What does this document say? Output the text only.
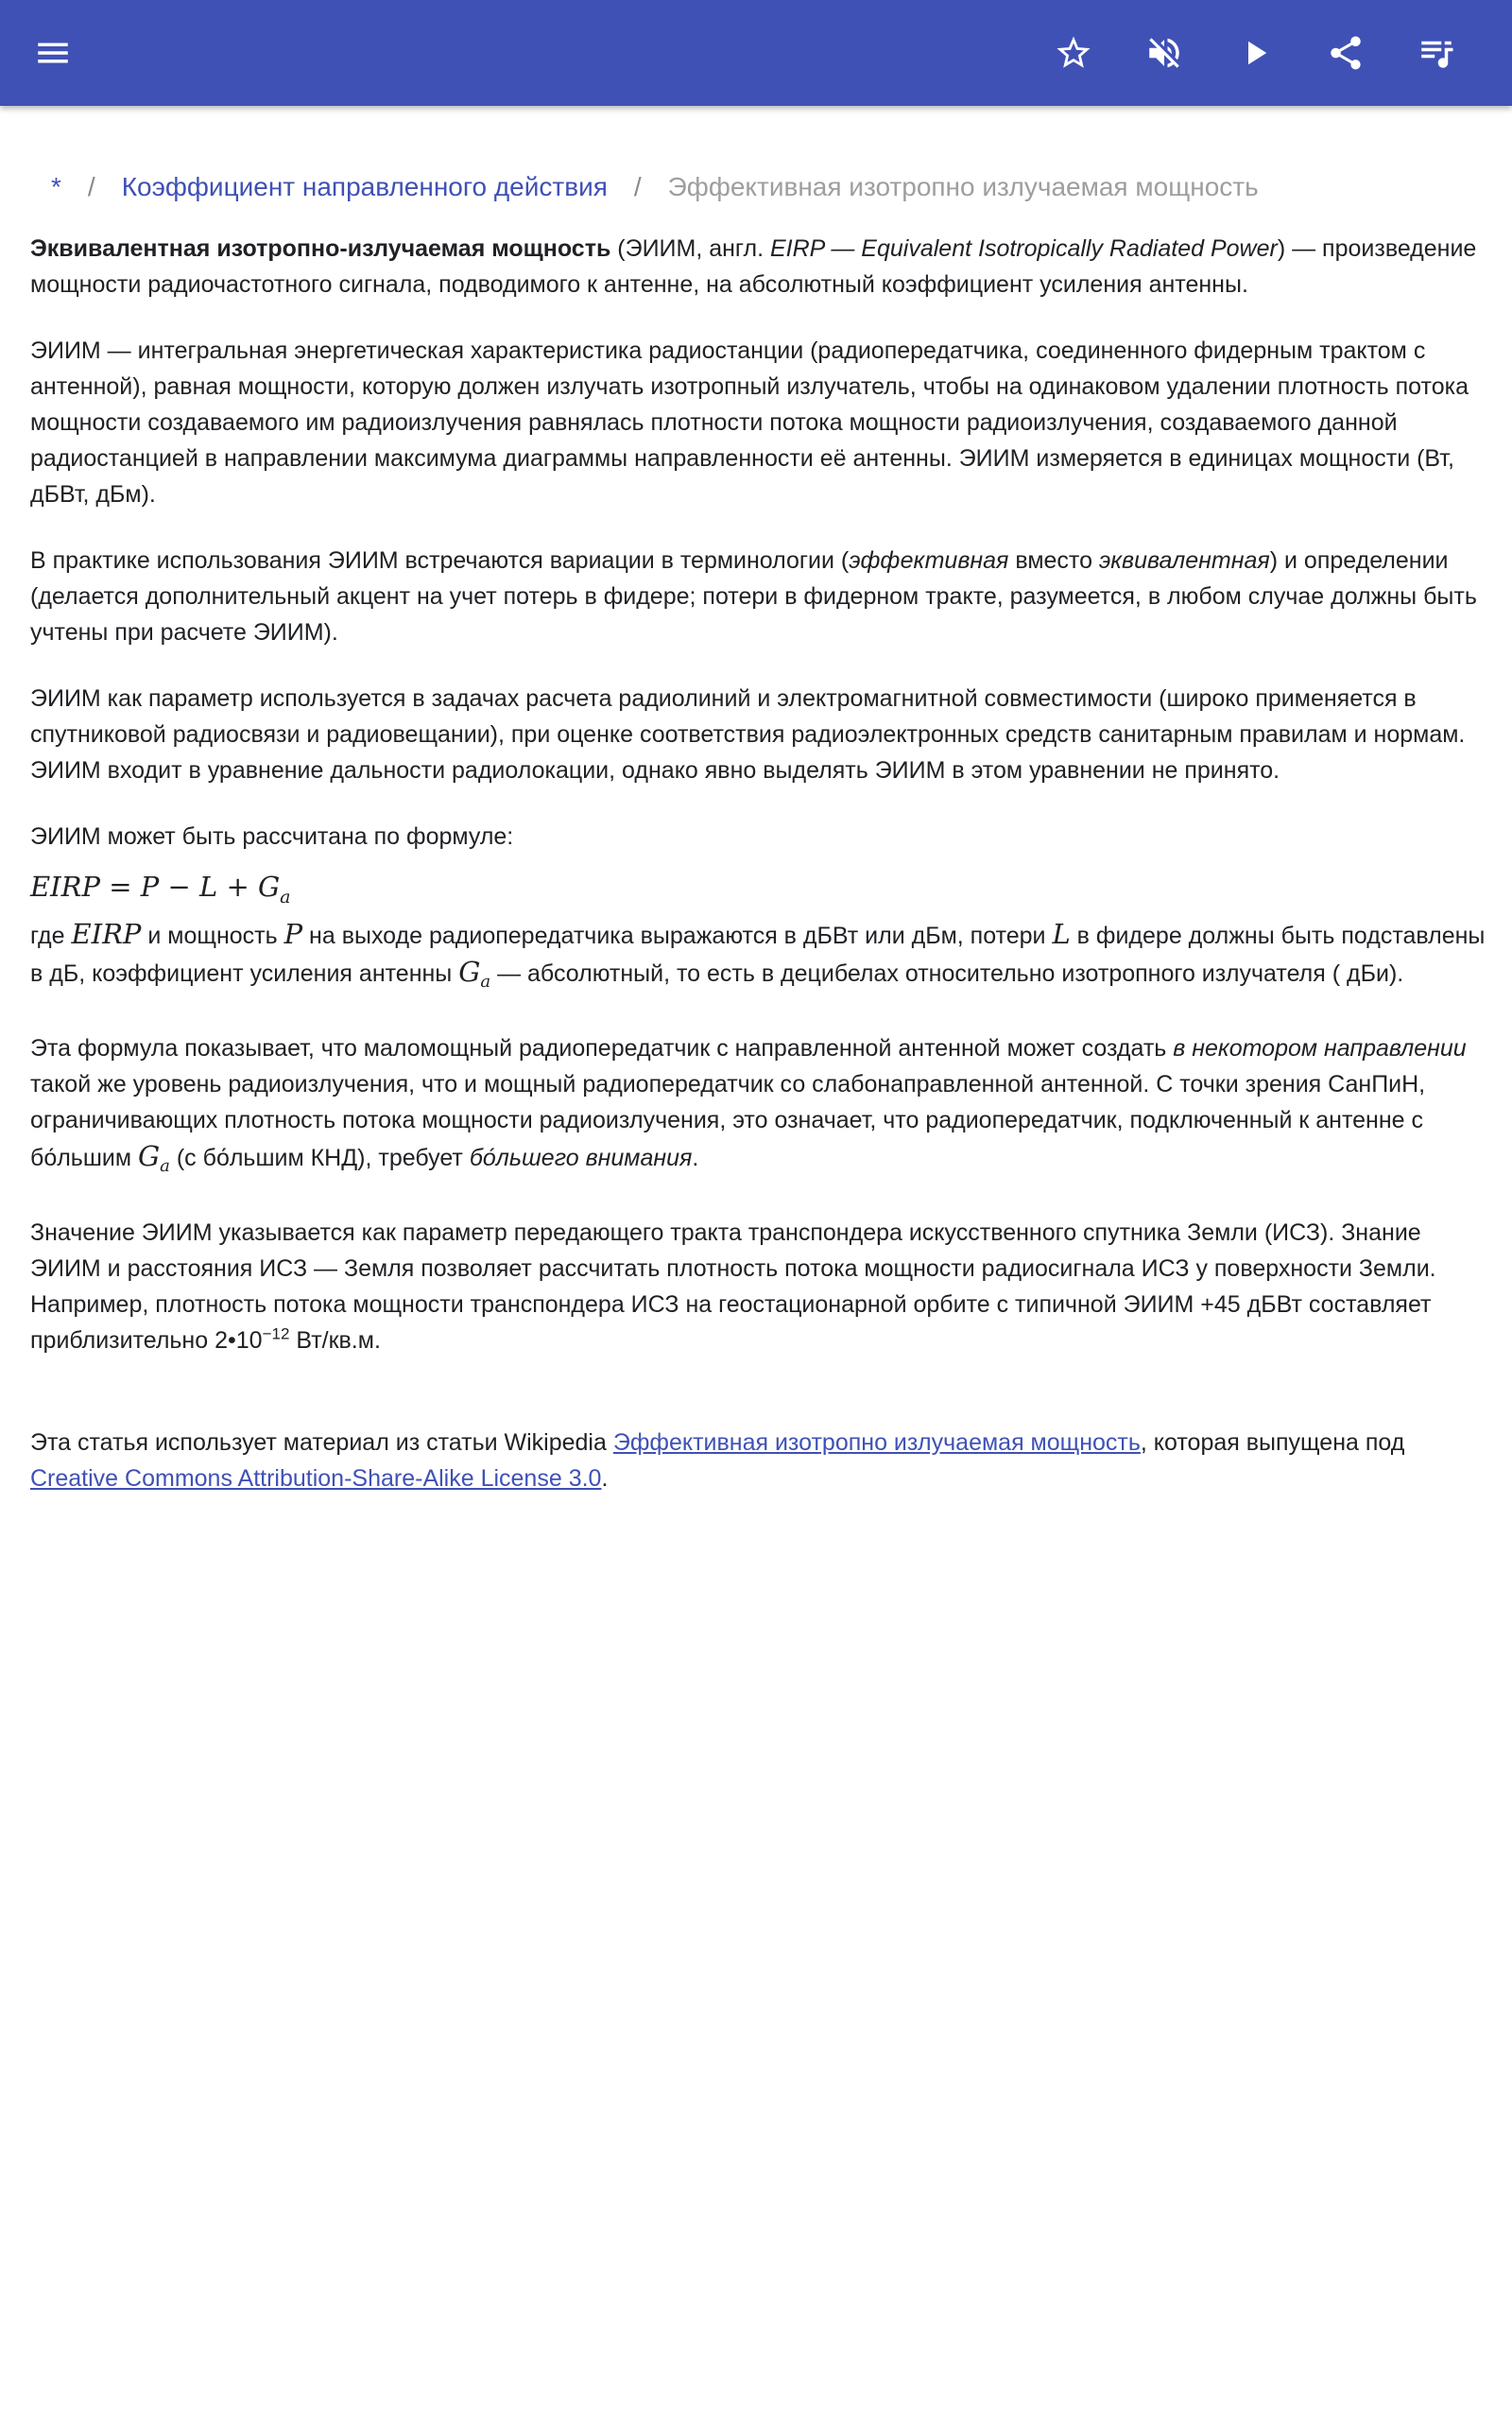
* / Коэффициент направленного действия / Эффективная изотропно излучаемая мощность

Эквивалентная изотропно-излучаемая мощность (ЭИИМ, англ. EIRP — Equivalent Isotropically Radiated Power) — произведение мощности радиочастотного сигнала, подводимого к антенне, на абсолютный коэффициент усиления антенны.

ЭИИМ — интегральная энергетическая характеристика радиостанции (радиопередатчика, соединенного фидерным трактом с антенной), равная мощности, которую должен излучать изотропный излучатель, чтобы на одинаковом удалении плотность потока мощности создаваемого им радиоизлучения равнялась плотности потока мощности радиоизлучения, создаваемого данной радиостанцией в направлении максимума диаграммы направленности её антенны. ЭИИМ измеряется в единицах мощности (Вт, дБВт, дБм).

В практике использования ЭИИМ встречаются вариации в терминологии (эффективная вместо эквивалентная) и определении (делается дополнительный акцент на учет потерь в фидере; потери в фидерном тракте, разумеется, в любом случае должны быть учтены при расчете ЭИИМ).

ЭИИМ как параметр используется в задачах расчета радиолиний и электромагнитной совместимости (широко применяется в спутниковой радиосвязи и радиовещании), при оценке соответствия радиоэлектронных средств санитарным правилам и нормам. ЭИИМ входит в уравнение дальности радиолокации, однако явно выделять ЭИИМ в этом уравнении не принято.

ЭИИМ может быть рассчитана по формуле:

EIRP = $P - L + G_a$

где EIRP и мощность P на выходе радиопередатчика выражаются в дБВт или дБм, потери L в фидере должны быть подставлены в дБ, коэффициент усиления антенны $G_a$ — абсолютный, то есть в децибелах относительно изотропного излучателя ( дБи).

Эта формула показывает, что маломощный радиопередатчик с направленной антенной может создать в некотором направлении такой же уровень радиоизлучения, что и мощный радиопередатчик со слабонаправленной антенной. С точки зрения СанПиН, ограничивающих плотность потока мощности радиоизлучения, это означает, что радиопередатчик, подключенный к антенне с бо́льшим $G_a$ (с бо́льшим КНД), требует бо́льшего внимания.

Значение ЭИИМ указывается как параметр передающего тракта транспондера искусственного спутника Земли (ИСЗ). Знание ЭИИМ и расстояния ИСЗ — Земля позволяет рассчитать плотность потока мощности радиосигнала ИСЗ у поверхности Земли. Например, плотность потока мощности транспондера ИСЗ на геостационарной орбите с типичной ЭИИМ +45 дБВт составляет приблизительно $2•10^{-12}$ Вт/кв.м.

Эта статья использует материал из статьи Wikipedia Эффективная изотропно излучаемая мощность, которая выпущена под Creative Commons Attribution-Share-Alike License 3.0.
